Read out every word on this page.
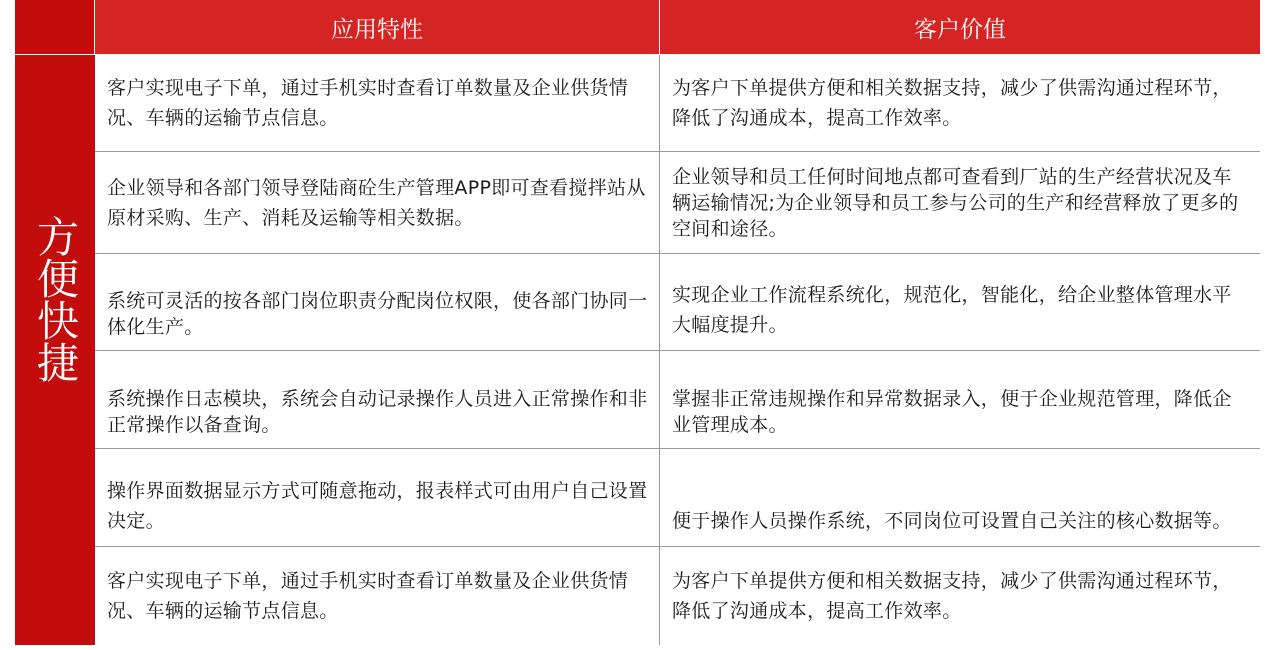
应用特性	客户价值
方便快捷
客户实现电子下单，通过手机实时查看订单数量及企业供货情况、车辆的运输节点信息。
为客户下单提供方便和相关数据支持，减少了供需沟通过程环节，降低了沟通成本，提高工作效率。
企业领导和各部门领导登陆商砼生产管理APP即可查看搅拌站从原材采购、生产、消耗及运输等相关数据。
企业领导和员工任何时间地点都可查看到厂站的生产经营状况及车辆运输情况;为企业领导和员工参与公司的生产和经营释放了更多的空间和途径。
系统可灵活的按各部门岗位职责分配岗位权限，使各部门协同一体化生产。
实现企业工作流程系统化，规范化，智能化，给企业整体管理水平大幅度提升。
系统操作日志模块，系统会自动记录操作人员进入正常操作和非正常操作以备查询。
掌握非正常违规操作和异常数据录入，便于企业规范管理，降低企业管理成本。
操作界面数据显示方式可随意拖动，报表样式可由用户自己设置决定。	便于操作人员操作系统，不同岗位可设置自己关注的核心数据等。
客户实现电子下单，通过手机实时查看订单数量及企业供货情况、车辆的运输节点信息。
为客户下单提供方便和相关数据支持，减少了供需沟通过程环节，降低了沟通成本，提高工作效率。
